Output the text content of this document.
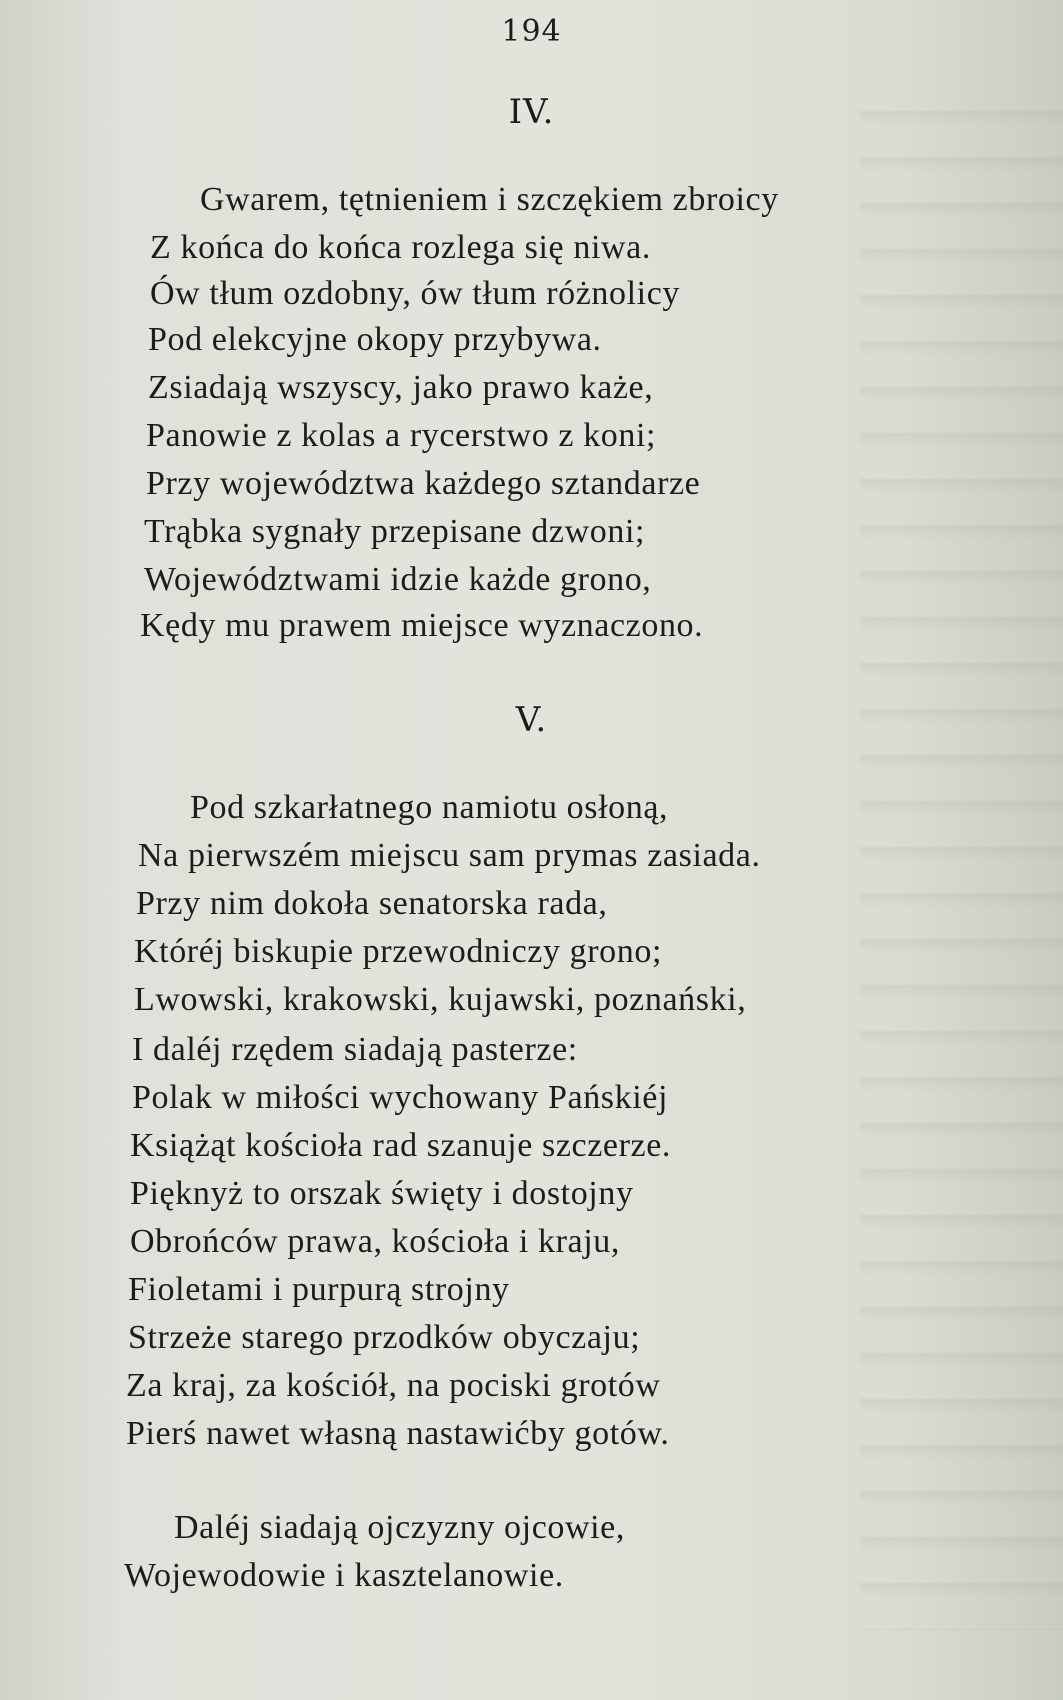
194
IV.
Gwarem, tętnieniem i szczękiem zbroicy
Z końca do końca rozlega się niwa.
Ów tłum ozdobny, ów tłum różnolicy
Pod elekcyjne okopy przybywa.
Zsiadają wszyscy, jako prawo każe,
Panowie z kolas a rycerstwo z koni;
Przy województwa każdego sztandarze
Trąbka sygnały przepisane dzwoni;
Województwami idzie każde grono,
Kędy mu prawem miejsce wyznaczono.
V.
Pod szkarłatnego namiotu osłoną,
Na pierwszém miejscu sam prymas zasiada.
Przy nim dokoła senatorska rada,
Któréj biskupie przewodniczy grono;
Lwowski, krakowski, kujawski, poznański,
I daléj rzędem siadają pasterze:
Polak w miłości wychowany Pańskiéj
Książąt kościoła rad szanuje szczerze.
Pięknyż to orszak święty i dostojny
Obrońców prawa, kościoła i kraju,
Fioletami i purpurą strojny
Strzeże starego przodków obyczaju;
Za kraj, za kościół, na pociski grotów
Pierś nawet własną nastawićby gotów.
Daléj siadają ojczyzny ojcowie,
Wojewodowie i kasztelanowie.
